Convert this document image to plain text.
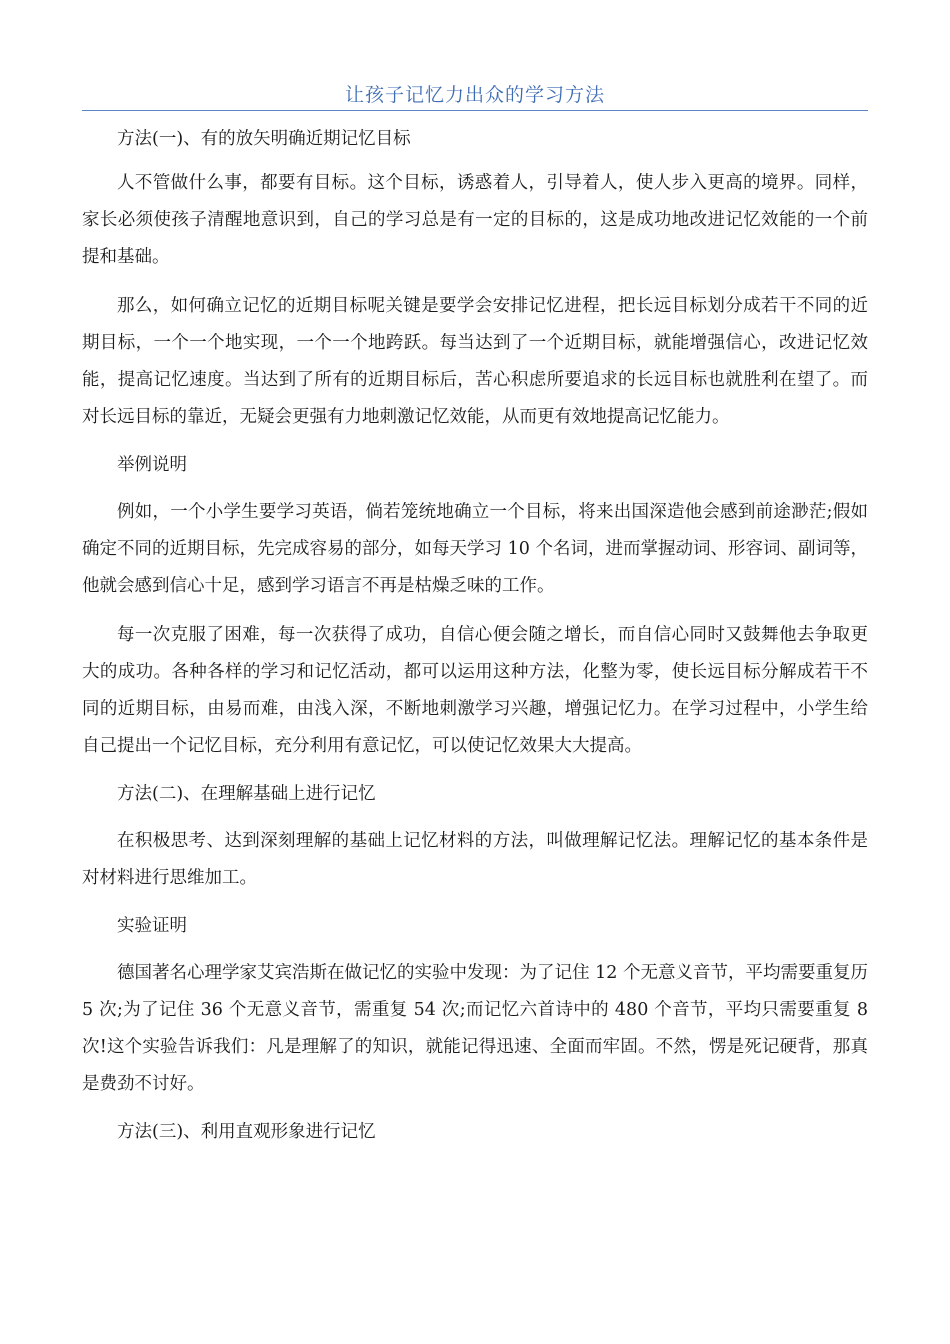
让孩子记忆力出众的学习方法

方法(一)、有的放矢明确近期记忆目标

人不管做什么事，都要有目标。这个目标，诱惑着人，引导着人，使人步入更高的境界。同样，家长必须使孩子清醒地意识到，自己的学习总是有一定的目标的，这是成功地改进记忆效能的一个前提和基础。

那么，如何确立记忆的近期目标呢关键是要学会安排记忆进程，把长远目标划分成若干不同的近期目标，一个一个地实现，一个一个地跨跃。每当达到了一个近期目标，就能增强信心，改进记忆效能，提高记忆速度。当达到了所有的近期目标后，苦心积虑所要追求的长远目标也就胜利在望了。而对长远目标的靠近，无疑会更强有力地刺激记忆效能，从而更有效地提高记忆能力。

举例说明

例如，一个小学生要学习英语，倘若笼统地确立一个目标，将来出国深造他会感到前途渺茫;假如确定不同的近期目标，先完成容易的部分，如每天学习 10 个名词，进而掌握动词、形容词、副词等，他就会感到信心十足，感到学习语言不再是枯燥乏味的工作。

每一次克服了困难，每一次获得了成功，自信心便会随之增长，而自信心同时又鼓舞他去争取更大的成功。各种各样的学习和记忆活动，都可以运用这种方法，化整为零，使长远目标分解成若干不同的近期目标，由易而难，由浅入深，不断地刺激学习兴趣，增强记忆力。在学习过程中，小学生给自己提出一个记忆目标，充分利用有意记忆，可以使记忆效果大大提高。

方法(二)、在理解基础上进行记忆

在积极思考、达到深刻理解的基础上记忆材料的方法，叫做理解记忆法。理解记忆的基本条件是对材料进行思维加工。

实验证明

德国著名心理学家艾宾浩斯在做记忆的实验中发现：为了记住 12 个无意义音节，平均需要重复历 5 次;为了记住 36 个无意义音节，需重复 54 次;而记忆六首诗中的 480 个音节，平均只需要重复 8 次!这个实验告诉我们：凡是理解了的知识，就能记得迅速、全面而牢固。不然，愣是死记硬背，那真是费劲不讨好。

方法(三)、利用直观形象进行记忆
